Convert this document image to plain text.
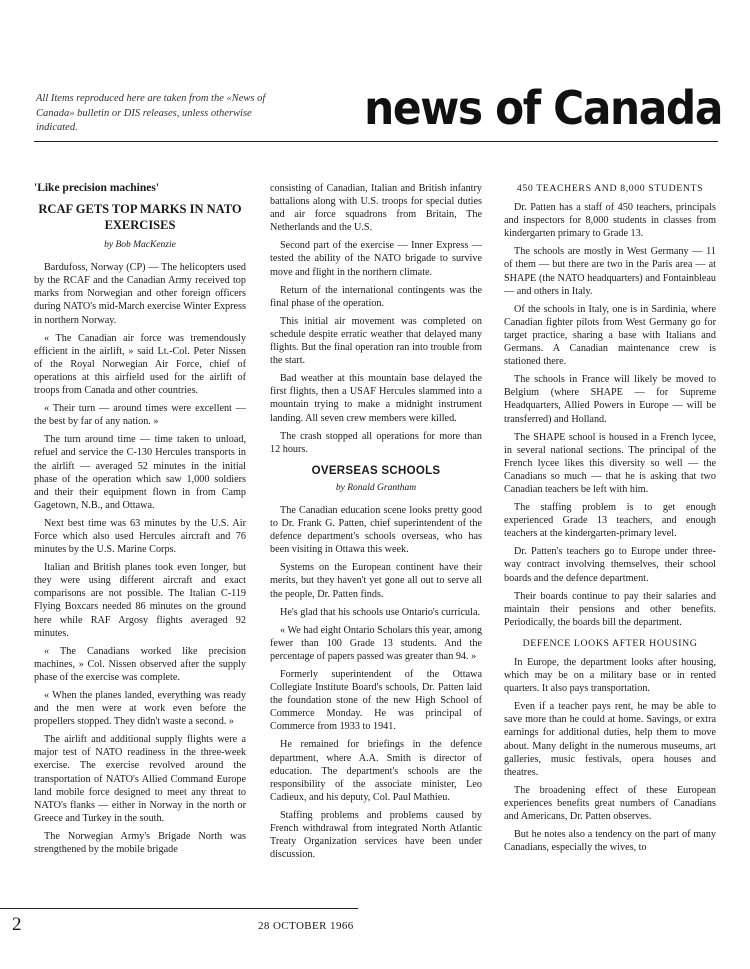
All Items reproduced here are taken from the «News of Canada» bulletin or DIS releases, unless otherwise indicated.	news of Canada
'Like precision machines'
RCAF GETS TOP MARKS IN NATO EXERCISES
by Bob MacKenzie

Bardufoss, Norway (CP) — The helicopters used by the RCAF and the Canadian Army received top marks from Norwegian and other foreign officers during NATO's mid-March exercise Winter Express in northern Norway.

« The Canadian air force was tremendously efficient in the airlift, » said Lt.-Col. Peter Nissen of the Royal Norwegian Air Force, chief of operations at this airfield used for the airlift of troops from Canada and other countries.

« Their turn — around times were excellent — the best by far of any nation. »

The turn around time — time taken to unload, refuel and service the C-130 Hercules transports in the airlift — averaged 52 minutes in the initial phase of the operation which saw 1,000 soldiers and their their equipment flown in from Camp Gagetown, N.B., and Ottawa.

Next best time was 63 minutes by the U.S. Air Force which also used Hercules aircraft and 76 minutes by the U.S. Marine Corps.

Italian and British planes took even longer, but they were using different aircraft and exact comparisons are not possible. The Italian C-119 Flying Boxcars needed 86 minutes on the ground here while RAF Argosy flights averaged 92 minutes.

« The Canadians worked like precision machines, » Col. Nissen observed after the supply phase of the exercise was complete.

« When the planes landed, everything was ready and the men were at work even before the propellers stopped. They didn't waste a second. »

The airlift and additional supply flights were a major test of NATO readiness in the three-week exercise. The exercise revolved around the transportation of NATO's Allied Command Europe land mobile force designed to meet any threat to NATO's flanks — either in Norway in the north or Greece and Turkey in the south.

The Norwegian Army's Brigade North was strengthened by the mobile brigade

consisting of Canadian, Italian and British infantry battalions along with U.S. troops for special duties and air force squadrons from Britain, The Netherlands and the U.S.

Second part of the exercise — Inner Express — tested the ability of the NATO brigade to survive move and flight in the northern climate.

Return of the international contingents was the final phase of the operation.

This initial air movement was completed on schedule despite erratic weather that delayed many flights. But the final operation ran into trouble from the start.

Bad weather at this mountain base delayed the first flights, then a USAF Hercules slammed into a mountain trying to make a midnight instrument landing. All seven crew members were killed.

The crash stopped all operations for more than 12 hours.

OVERSEAS SCHOOLS
by Ronald Grantham

The Canadian education scene looks pretty good to Dr. Frank G. Patten, chief superintendent of the defence department's schools overseas, who has been visiting in Ottawa this week.

Systems on the European continent have their merits, but they haven't yet gone all out to serve all the people, Dr. Patten finds.

He's glad that his schools use Ontario's curricula.

« We had eight Ontario Scholars this year, among fewer than 100 Grade 13 students. And the percentage of papers passed was greater than 94. »

Formerly superintendent of the Ottawa Collegiate Institute Board's schools, Dr. Patten laid the foundation stone of the new High School of Commerce Monday. He was principal of Commerce from 1933 to 1941.

He remained for briefings in the defence department, where A.A. Smith is director of education. The department's schools are the responsibility of the associate minister, Leo Cadieux, and his deputy, Col. Paul Mathieu.

Staffing problems and problems caused by French withdrawal from integrated North Atlantic Treaty Organization services have been under discussion.

450 TEACHERS AND 8,000 STUDENTS

Dr. Patten has a staff of 450 teachers, principals and inspectors for 8,000 students in classes from kindergarten primary to Grade 13.

The schools are mostly in West Germany — 11 of them — but there are two in the Paris area — at SHAPE (the NATO headquarters) and Fontainbleau — and others in Italy.

Of the schools in Italy, one is in Sardinia, where Canadian fighter pilots from West Germany go for target practice, sharing a base with Italians and Germans. A Canadian maintenance crew is stationed there.

The schools in France will likely be moved to Belgium (where SHAPE — for Supreme Headquarters, Allied Powers in Europe — will be transferred) and Holland.

The SHAPE school is housed in a French lycee, in several national sections. The principal of the French lycee likes this diversity so well — the Canadians so much — that he is asking that two Canadian teachers be left with him.

The staffing problem is to get enough experienced Grade 13 teachers, and enough teachers at the kindergarten-primary level.

Dr. Patten's teachers go to Europe under three-way contract involving themselves, their school boards and the defence department.

Their boards continue to pay their salaries and maintain their pensions and other benefits. Periodically, the boards bill the department.

DEFENCE LOOKS AFTER HOUSING

In Europe, the department looks after housing, which may be on a military base or in rented quarters. It also pays transportation.

Even if a teacher pays rent, he may be able to save more than he could at home. Savings, or extra earnings for additional duties, help them to move about. Many delight in the numerous museums, art galleries, music festivals, opera houses and theatres.

The broadening effect of these European experiences benefits great numbers of Canadians and Americans, Dr. Patten observes.

But he notes also a tendency on the part of many Canadians, especially the wives, to

2	28 OCTOBER 1966
